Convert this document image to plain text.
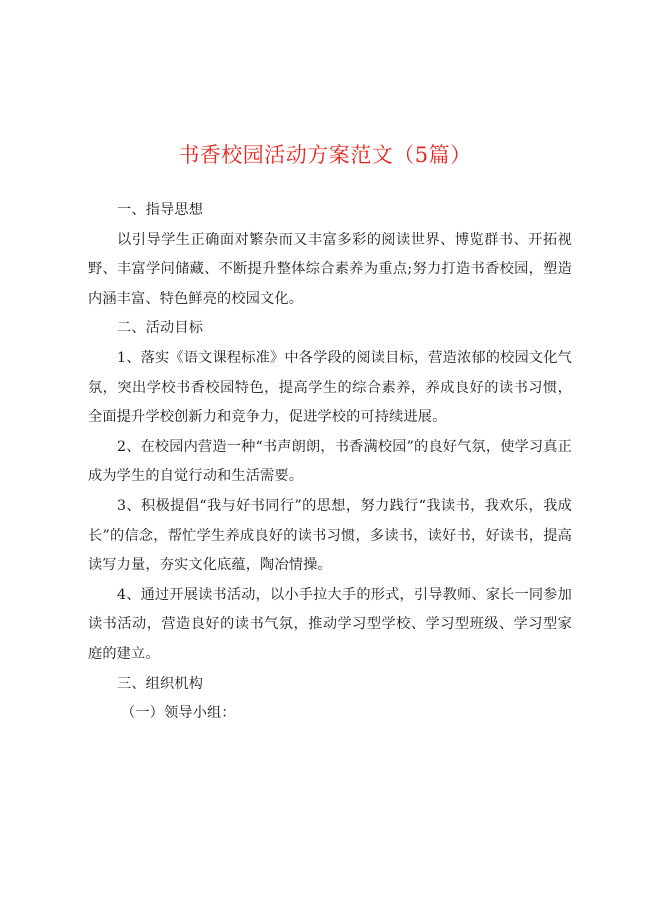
书香校园活动方案范文（5篇）

一、指导思想

以引导学生正确面对繁杂而又丰富多彩的阅读世界、博览群书、开拓视野、丰富学问储藏、不断提升整体综合素养为重点;努力打造书香校园，塑造内涵丰富、特色鲜亮的校园文化。

二、活动目标

1、落实《语文课程标准》中各学段的阅读目标，营造浓郁的校园文化气氛，突出学校书香校园特色，提高学生的综合素养，养成良好的读书习惯，全面提升学校创新力和竞争力，促进学校的可持续进展。

2、在校园内营造一种“书声朗朗，书香满校园”的良好气氛，使学习真正成为学生的自觉行动和生活需要。

3、积极提倡“我与好书同行”的思想，努力践行“我读书，我欢乐，我成长”的信念，帮忙学生养成良好的读书习惯，多读书，读好书，好读书，提高读写力量，夯实文化底蕴，陶冶情操。

4、通过开展读书活动，以小手拉大手的形式，引导教师、家长一同参加读书活动，营造良好的读书气氛，推动学习型学校、学习型班级、学习型家庭的建立。

三、组织机构

（一）领导小组：
